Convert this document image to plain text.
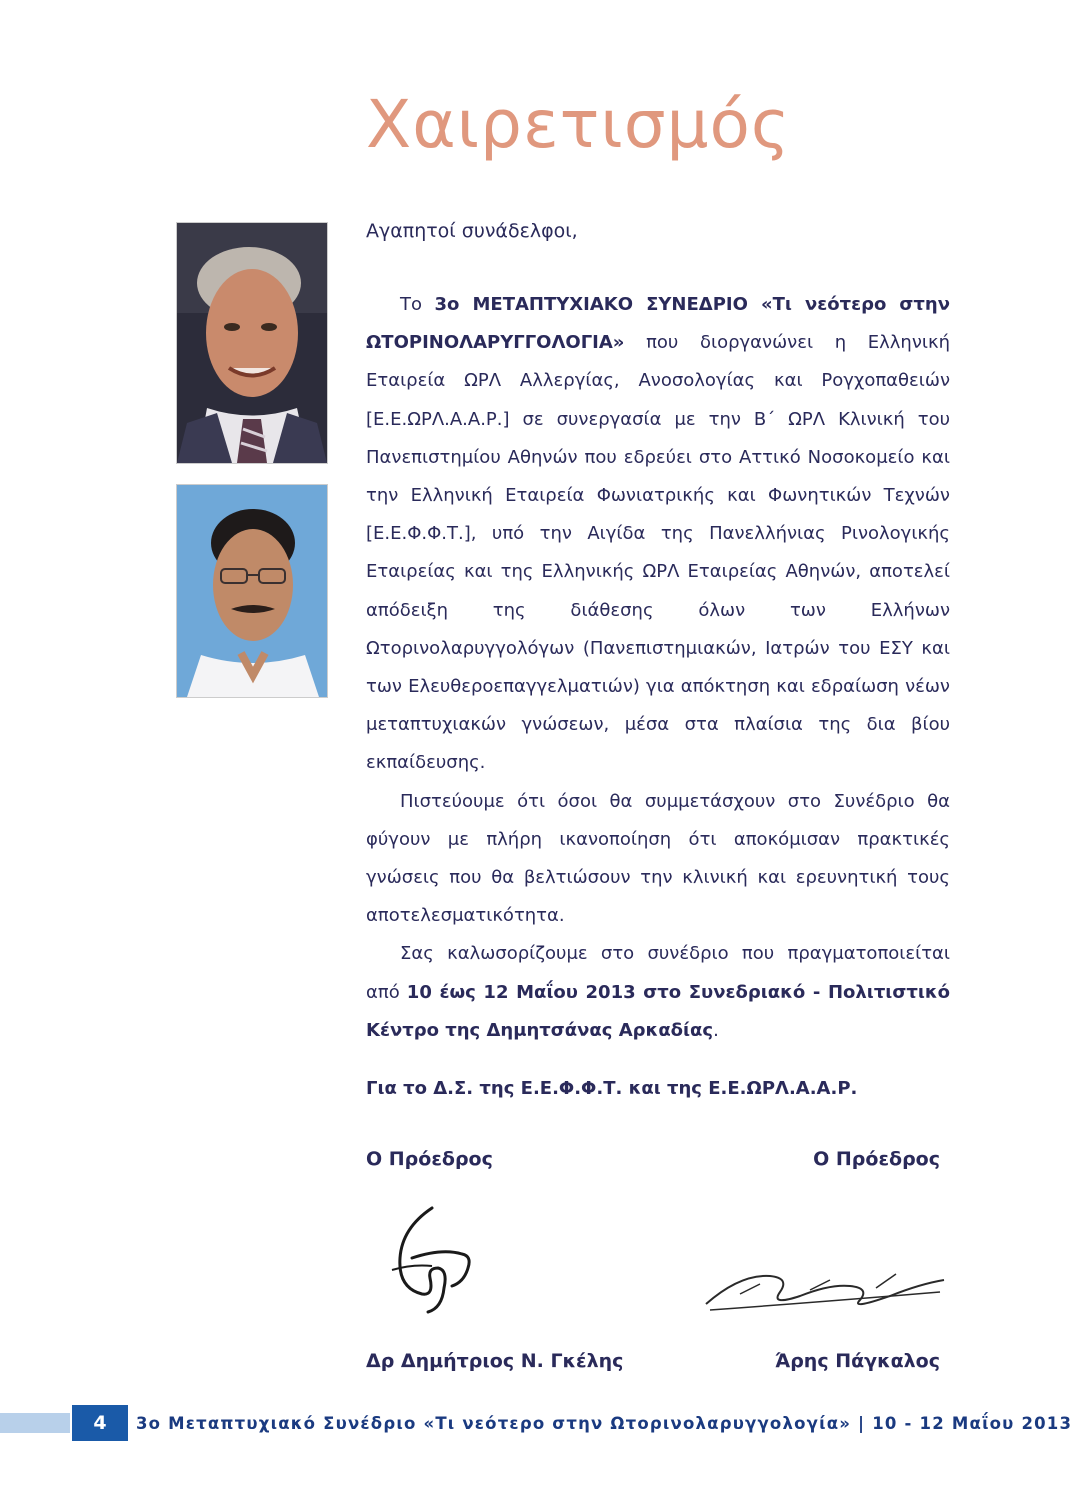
Χαιρετισμός
Αγαπητοί συνάδελφοι,

Το 3ο ΜΕΤΑΠΤΥΧΙΑΚΟ ΣΥΝΕΔΡΙΟ «Τι νεότερο στην ΩΤΟΡΙΝΟΛΑΡΥΓΓΟΛΟΓΙΑ» που διοργανώνει η Ελληνική Εταιρεία ΩΡΛ Αλλεργίας, Ανοσολογίας και Ρογχοπαθειών [Ε.Ε.ΩΡΛ.Α.Α.Ρ.] σε συνεργασία με την Β΄ ΩΡΛ Κλινική του Πανεπιστημίου Αθηνών που εδρεύει στο Αττικό Νοσοκομείο και την Ελληνική Εταιρεία Φωνιατρικής και Φωνητικών Τεχνών [Ε.Ε.Φ.Φ.Τ.], υπό την Αιγίδα της Πανελλήνιας Ρινολογικής Εταιρείας και της Ελληνικής ΩΡΛ Εταιρείας Αθηνών, αποτελεί απόδειξη της διάθεσης όλων των Ελλήνων Ωτορινολαρυγγολόγων (Πανεπιστημιακών, Ιατρών του ΕΣΥ και των Ελευθεροεπαγγελματιών) για απόκτηση και εδραίωση νέων μεταπτυχιακών γνώσεων, μέσα στα πλαίσια της δια βίου εκπαίδευσης.

Πιστεύουμε ότι όσοι θα συμμετάσχουν στο Συνέδριο θα φύγουν με πλήρη ικανοποίηση ότι αποκόμισαν πρακτικές γνώσεις που θα βελτιώσουν την κλινική και ερευνητική τους αποτελεσματικότητα.

Σας καλωσορίζουμε στο συνέδριο που πραγματοποιείται από 10 έως 12 Μαΐου 2013 στο Συνεδριακό - Πολιτιστικό Κέντρο της Δημητσάνας Αρκαδίας.

Για το Δ.Σ. της Ε.Ε.Φ.Φ.Τ. και της Ε.Ε.ΩΡΛ.Α.Α.Ρ.
Ο Πρόεδρος	Ο Πρόεδρος
Δρ Δημήτριος Ν. Γκέλης	Άρης Πάγκαλος
4	3ο Μεταπτυχιακό Συνέδριο «Τι νεότερο στην Ωτορινολαρυγγολογία» | 10 - 12 Μαΐου 2013
